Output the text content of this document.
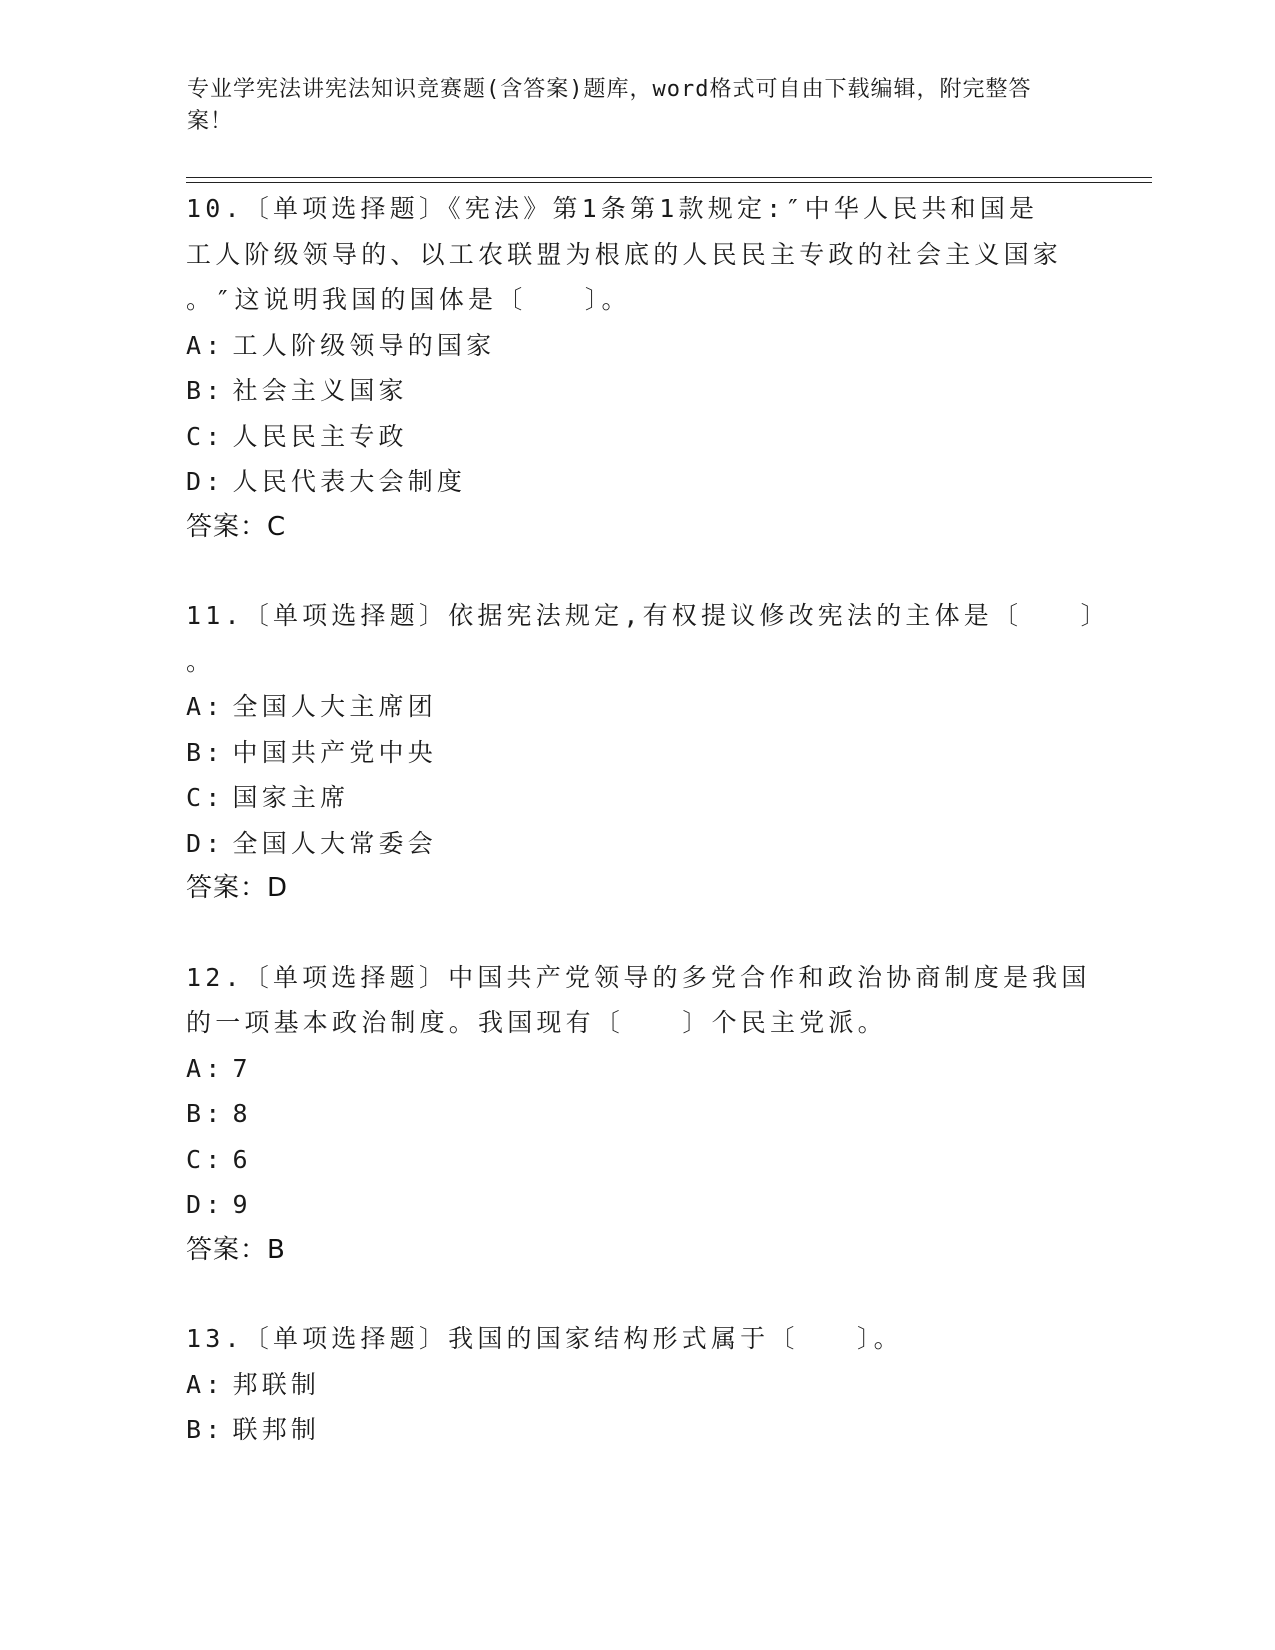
专业学宪法讲宪法知识竞赛题(含答案)题库，word格式可自由下载编辑，附完整答案！
10.〔单项选择题〕《宪法》第1条第1款规定:″中华人民共和国是
工人阶级领导的、以工农联盟为根底的人民民主专政的社会主义国家
。″这说明我国的国体是〔　　〕。
A: 工人阶级领导的国家
B: 社会主义国家
C: 人民民主专政
D: 人民代表大会制度
答案：C
11.〔单项选择题〕依据宪法规定,有权提议修改宪法的主体是〔　　〕
。
A: 全国人大主席团
B: 中国共产党中央
C: 国家主席
D: 全国人大常委会
答案：D
12.〔单项选择题〕中国共产党领导的多党合作和政治协商制度是我国
的一项基本政治制度。我国现有〔　　〕个民主党派。
A: 7
B: 8
C: 6
D: 9
答案：B
13.〔单项选择题〕我国的国家结构形式属于〔　　〕。
A: 邦联制
B: 联邦制
